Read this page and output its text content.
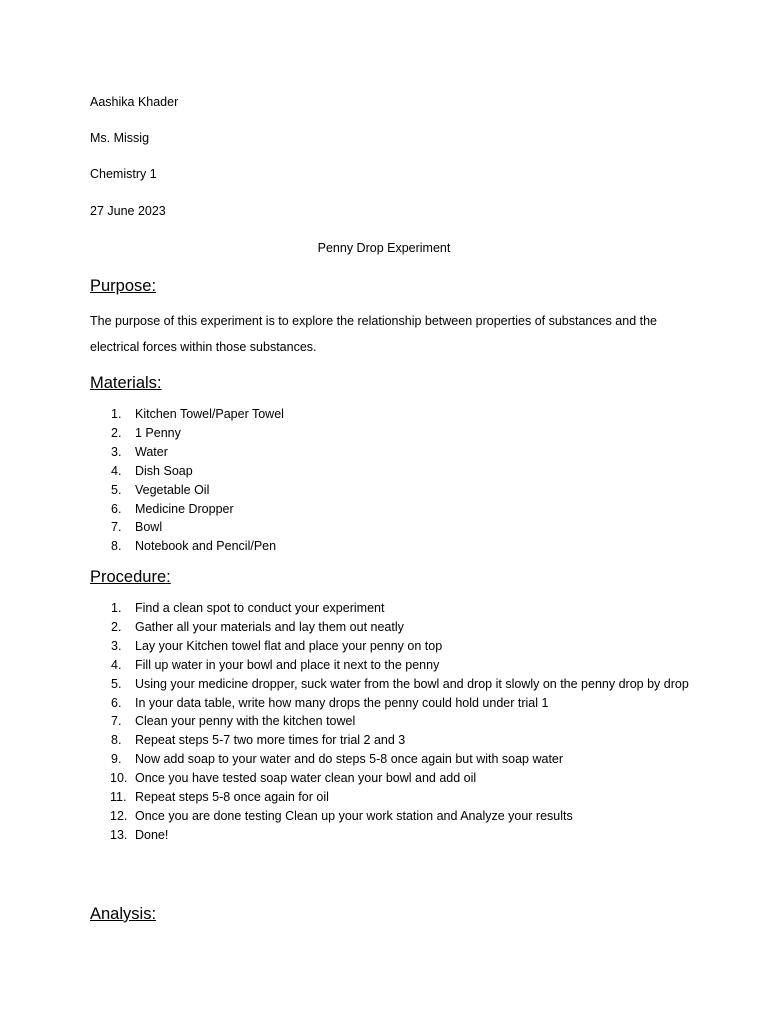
Aashika Khader

Ms. Missig

Chemistry 1

27 June 2023

Penny Drop Experiment

Purpose:

The purpose of this experiment is to explore the relationship between properties of substances and the electrical forces within those substances.

Materials:
1.	Kitchen Towel/Paper Towel
2.	1 Penny
3.	Water
4.	Dish Soap
5.	Vegetable Oil
6.	Medicine Dropper
7.	Bowl
8.	Notebook and Pencil/Pen
Procedure:
1.	Find a clean spot to conduct your experiment
2.	Gather all your materials and lay them out neatly
3.	Lay your Kitchen towel flat and place your penny on top
4.	Fill up water in your bowl and place it next to the penny
5.	Using your medicine dropper, suck water from the bowl and drop it slowly on the penny drop by drop
6.	In your data table, write how many drops the penny could hold under trial 1
7.	Clean your penny with the kitchen towel
8.	Repeat steps 5-7 two more times for trial 2 and 3
9.	Now add soap to your water and do steps 5-8 once again but with soap water
10. Once you have tested soap water clean your bowl and add oil
11. Repeat steps 5-8 once again for oil
12. Once you are done testing Clean up your work station and Analyze your results
13. Done!
Analysis:
